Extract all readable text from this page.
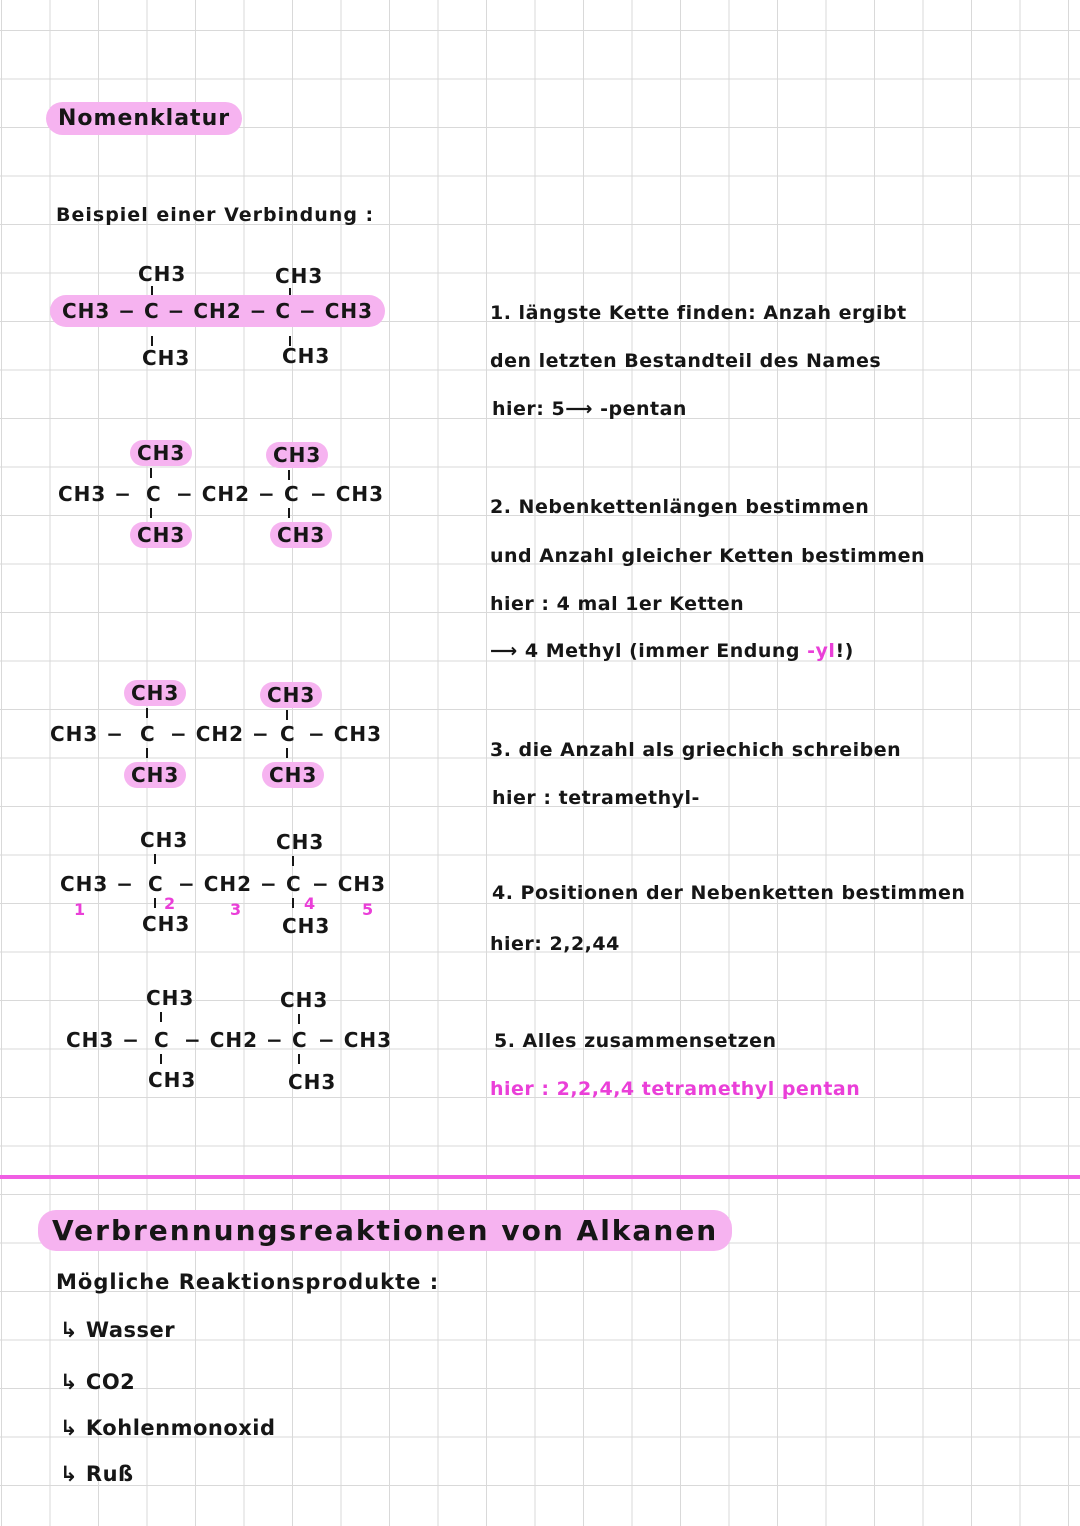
Nomenklatur
Beispiel einer Verbindung :
CH3	CH3
CH3 − C − CH2 − C − CH3
CH3	CH3
CH3	CH3
CH3 − C − CH2 − C − CH3
CH3	CH3
CH3	CH3
CH3 − C − CH2 − C − CH3
CH3	CH3
CH3	CH3
CH3 − C − CH2 − C − CH3
1	2	3	4	5
CH3	CH3
CH3	CH3
CH3 − C − CH2 − C − CH3
CH3	CH3
1. längste Kette finden: Anzah ergibt
den letzten Bestandteil des Names
hier: 5⟶ -pentan
2. Nebenkettenlängen bestimmen
und Anzahl gleicher Ketten bestimmen
hier : 4 mal 1er Ketten
⟶ 4 Methyl (immer Endung -yl!)
3. die Anzahl als griechich schreiben
hier : tetramethyl-
4. Positionen der Nebenketten bestimmen
hier: 2,2,44
5. Alles zusammensetzen
hier : 2,2,4,4 tetramethyl pentan
Verbrennungsreaktionen von Alkanen
Mögliche Reaktionsprodukte :
↳ Wasser
↳ CO2
↳ Kohlenmonoxid
↳ Ruß
